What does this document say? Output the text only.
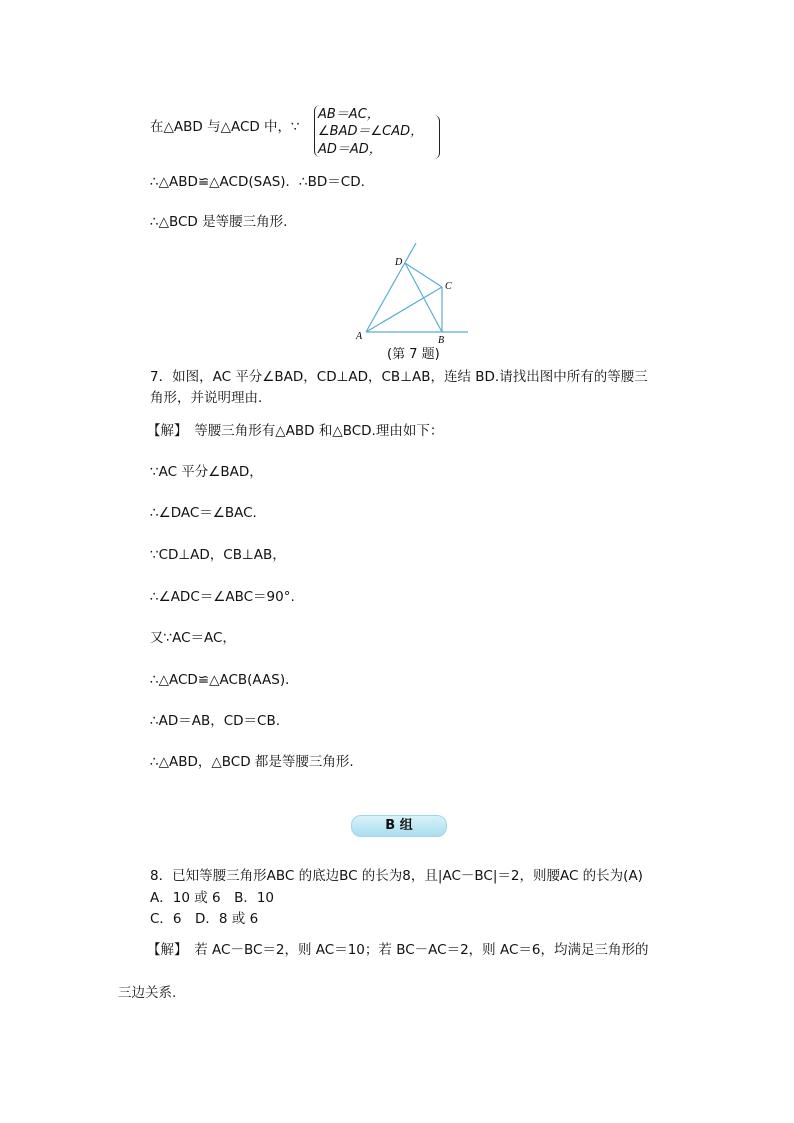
在△ABD 与△ACD 中，∵
AB＝AC，
∠BAD＝∠CAD，
AD＝AD，
∴△ABD≌△ACD(SAS)．∴BD＝CD.
∴△BCD 是等腰三角形.
D
C
A	B
(第 7 题)
7．如图，AC 平分∠BAD，CD⊥AD，CB⊥AB，连结 BD.请找出图中所有的等腰三
角形，并说明理由.
【解】　等腰三角形有△ABD 和△BCD.理由如下：
∵AC 平分∠BAD，
∴∠DAC＝∠BAC.
∵CD⊥AD，CB⊥AB，
∴∠ADC＝∠ABC＝90°.
又∵AC＝AC，
∴△ACD≌△ACB(AAS)．
∴AD＝AB，CD＝CB.
∴△ABD，△BCD 都是等腰三角形.
B 组
8．已知等腰三角形ABC 的底边BC 的长为8，且|AC－BC|＝2，则腰AC 的长为(A)
A．10 或 6　B．10
C．6　D．8 或 6
【解】　若 AC－BC＝2，则 AC＝10；若 BC－AC＝2，则 AC＝6，均满足三角形的
三边关系.
